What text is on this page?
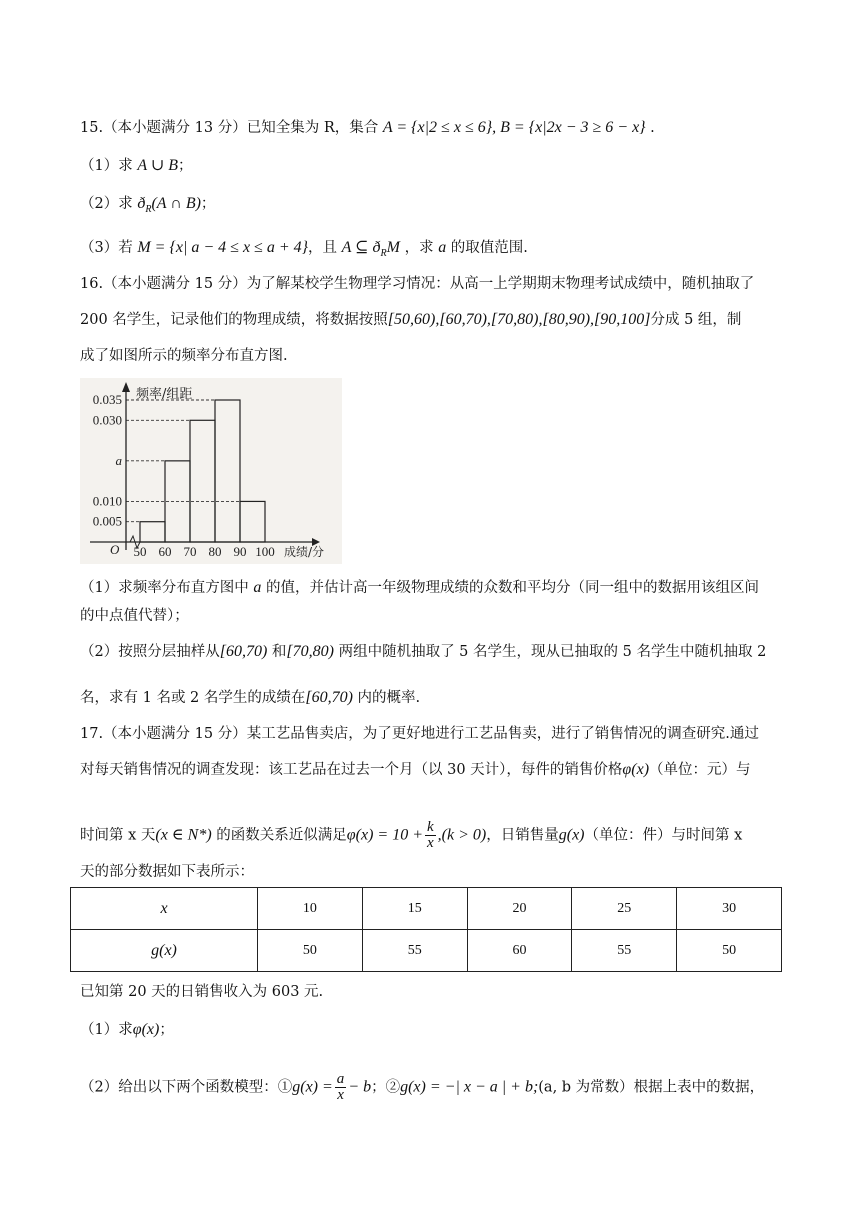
15.（本小题满分 13 分）已知全集为 R，集合 A = {x|2 ≤ x ≤ 6}, B = {x|2x − 3 ≥ 6 − x} .
（1）求 A ∪ B；
（2）求 $ð_R(A$ ∩ B)；
（3）若 M = {x| a − 4 ≤ x ≤ a + 4}，且 A ⊆ $ð_RM$ ，求 a 的取值范围.
16.（本小题满分 15 分）为了解某校学生物理学习情况：从高一上学期期末物理考试成绩中，随机抽取了
200 名学生，记录他们的物理成绩，将数据按照[50,60),[60,70),[70,80),[80,90),[90,100]分成 5 组，制
成了如图所示的频率分布直方图.
频率/组距
成绩/分
O
0.005
0.010
a
0.030
0.035
50 60 70 80 90 100
（1）求频率分布直方图中 a 的值，并估计高一年级物理成绩的众数和平均分（同一组中的数据用该组区间
的中点值代替）；
（2）按照分层抽样从[60,70) 和[70,80) 两组中随机抽取了 5 名学生，现从已抽取的 5 名学生中随机抽取 2
名，求有 1 名或 2 名学生的成绩在[60,70) 内的概率.
17.（本小题满分 15 分）某工艺品售卖店，为了更好地进行工艺品售卖，进行了销售情况的调查研究.通过
对每天销售情况的调查发现：该工艺品在过去一个月（以 30 天计），每件的销售价格φ(x)（单位：元）与
时间第 x 天(x ∈ N*) 的函数关系近似满足$\varphi(x) = 10 + \frac{k}{x} ,(k > 0)$，日销售量g(x)（单位：件）与时间第 x
天的部分数据如下表所示：
x	10	15	20	25	30
g(x)	50	55	60	55	50
已知第 20 天的日销售收入为 603 元.
（1）求φ(x)；
（2）给出以下两个函数模型：①g(x) = $\frac{a}{x} - b$；②g(x) = −| x − a | + b;(a, b 为常数）根据上表中的数据，
